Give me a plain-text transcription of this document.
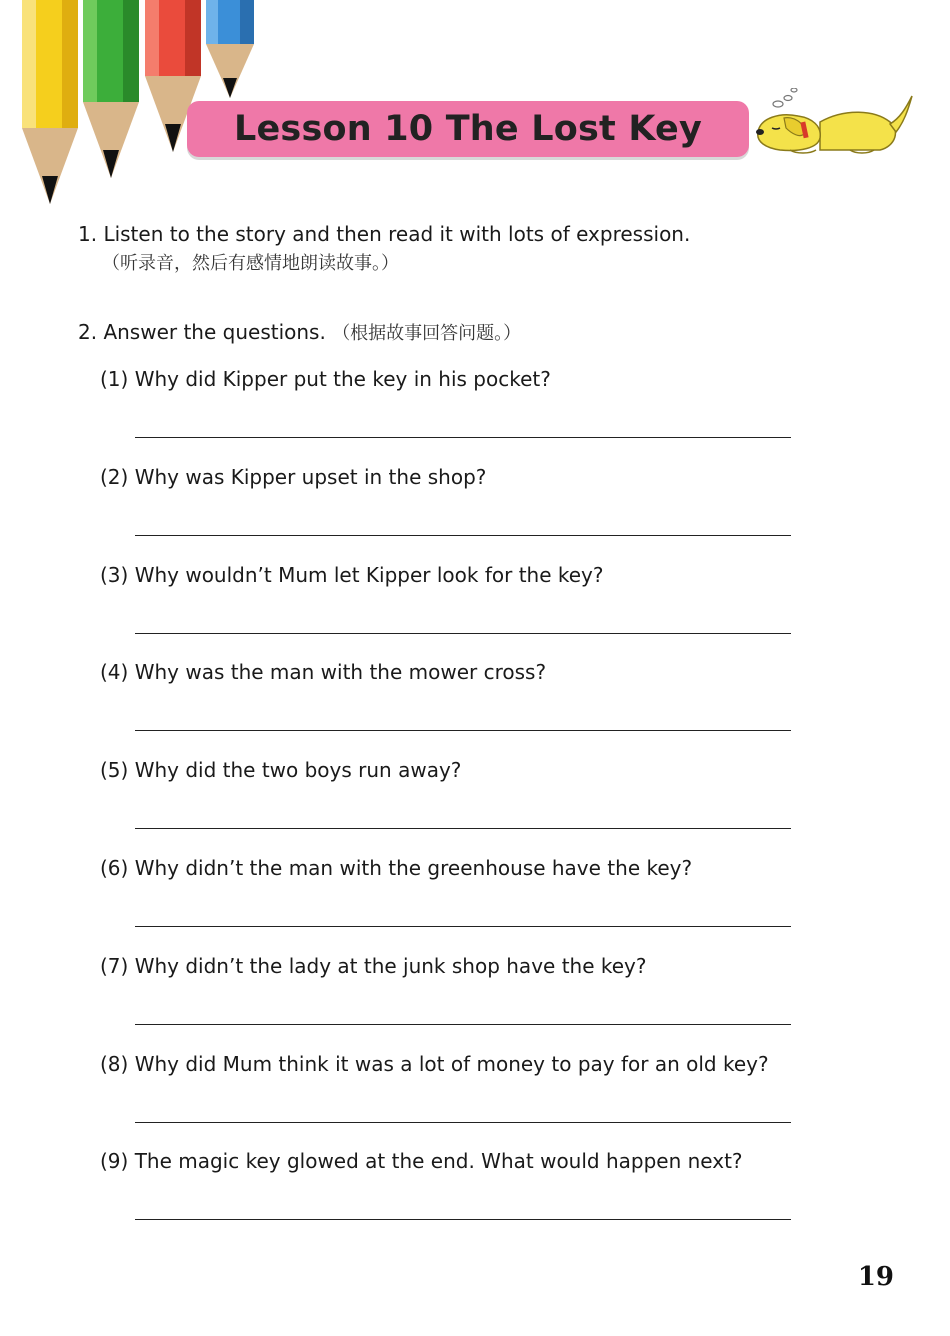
Lesson 10 The Lost Key
1. Listen to the story and then read it with lots of expression.
（听录音，然后有感情地朗读故事。）
2. Answer the questions. （根据故事回答问题。）
(1) Why did Kipper put the key in his pocket?
(2) Why was Kipper upset in the shop?
(3) Why wouldn’t Mum let Kipper look for the key?
(4) Why was the man with the mower cross?
(5) Why did the two boys run away?
(6) Why didn’t the man with the greenhouse have the key?
(7) Why didn’t the lady at the junk shop have the key?
(8) Why did Mum think it was a lot of money to pay for an old key?
(9) The magic key glowed at the end. What would happen next?
19
